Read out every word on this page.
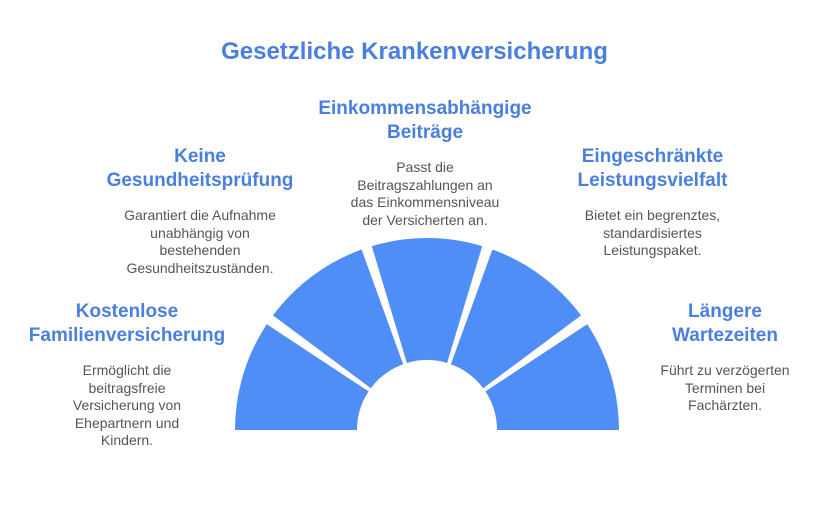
Gesetzliche Krankenversicherung

Kostenlose
Familienversicherung

Ermöglicht die
beitragsfreie
Versicherung von
Ehepartnern und
Kindern.

Keine
Gesundheitsprüfung

Garantiert die Aufnahme
unabhängig von
bestehenden
Gesundheitszuständen.

Einkommensabhängige
Beiträge

Passt die
Beitragszahlungen an
das Einkommensniveau
der Versicherten an.

Eingeschränkte
Leistungsvielfalt

Bietet ein begrenztes,
standardisiertes
Leistungspaket.

Längere
Wartezeiten

Führt zu verzögerten
Terminen bei
Fachärzten.
